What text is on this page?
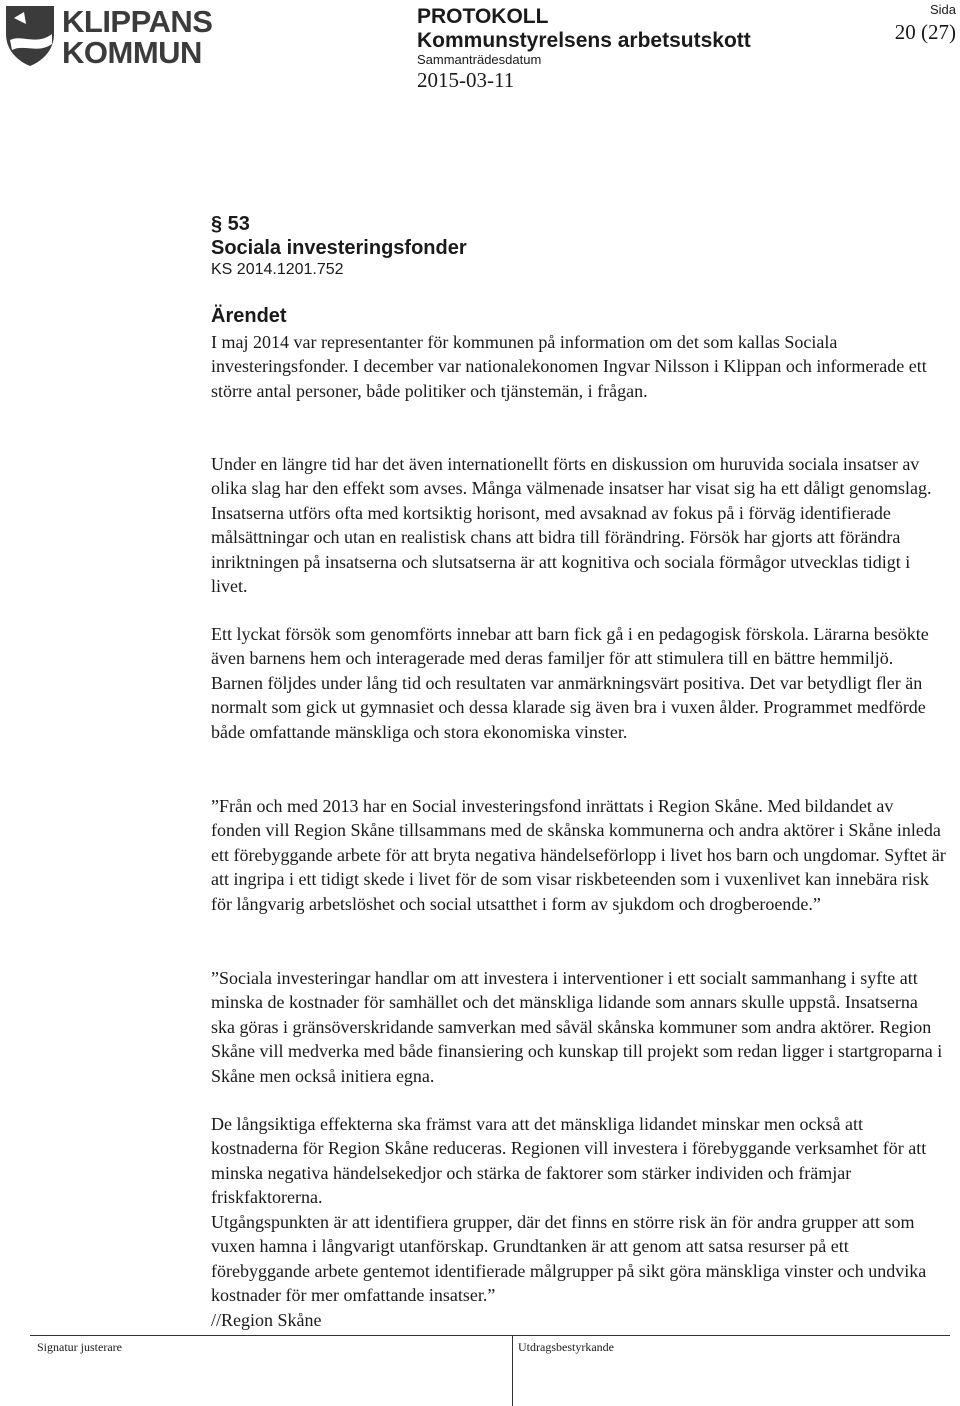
KLIPPANS
KOMMUN
PROTOKOLL
Kommunstyrelsens arbetsutskott
Sammanträdesdatum
2015-03-11
Sida
20 (27)
§ 53
Sociala investeringsfonder
KS 2014.1201.752
Ärendet

I maj 2014 var representanter för kommunen på information om det som kallas Sociala investeringsfonder. I december var nationalekonomen Ingvar Nilsson i Klippan och informerade ett större antal personer, både politiker och tjänstemän, i frågan.

Under en längre tid har det även internationellt förts en diskussion om huruvida sociala insatser av olika slag har den effekt som avses. Många välmenade insatser har visat sig ha ett dåligt genomslag. Insatserna utförs ofta med kortsiktig horisont, med avsaknad av fokus på i förväg identifierade målsättningar och utan en realistisk chans att bidra till förändring. Försök har gjorts att förändra inriktningen på insatserna och slutsatserna är att kognitiva och sociala förmågor utvecklas tidigt i livet.

Ett lyckat försök som genomförts innebar att barn fick gå i en pedagogisk förskola. Lärarna besökte även barnens hem och interagerade med deras familjer för att stimulera till en bättre hemmiljö. Barnen följdes under lång tid och resultaten var anmärkningsvärt positiva. Det var betydligt fler än normalt som gick ut gymnasiet och dessa klarade sig även bra i vuxen ålder. Programmet medförde både omfattande mänskliga och stora ekonomiska vinster.

”Från och med 2013 har en Social investeringsfond inrättats i Region Skåne. Med bildandet av fonden vill Region Skåne tillsammans med de skånska kommunerna och andra aktörer i Skåne inleda ett förebyggande arbete för att bryta negativa händelseförlopp i livet hos barn och ungdomar. Syftet är att ingripa i ett tidigt skede i livet för de som visar riskbeteenden som i vuxenlivet kan innebära risk för långvarig arbetslöshet och social utsatthet i form av sjukdom och drogberoende.”

”Sociala investeringar handlar om att investera i interventioner i ett socialt sammanhang i syfte att minska de kostnader för samhället och det mänskliga lidande som annars skulle uppstå. Insatserna ska göras i gränsöverskridande samverkan med såväl skånska kommuner som andra aktörer. Region Skåne vill medverka med både finansiering och kunskap till projekt som redan ligger i startgroparna i Skåne men också initiera egna.

De långsiktiga effekterna ska främst vara att det mänskliga lidandet minskar men också att kostnaderna för Region Skåne reduceras. Regionen vill investera i förebyggande verksamhet för att minska negativa händelsekedjor och stärka de faktorer som stärker individen och främjar friskfaktorerna.

Utgångspunkten är att identifiera grupper, där det finns en större risk än för andra grupper att som vuxen hamna i långvarigt utanförskap. Grundtanken är att genom att satsa resurser på ett förebyggande arbete gentemot identifierade målgrupper på sikt göra mänskliga vinster och undvika kostnader för mer omfattande insatser.”

//Region Skåne

Signatur justerare	Utdragsbestyrkande
